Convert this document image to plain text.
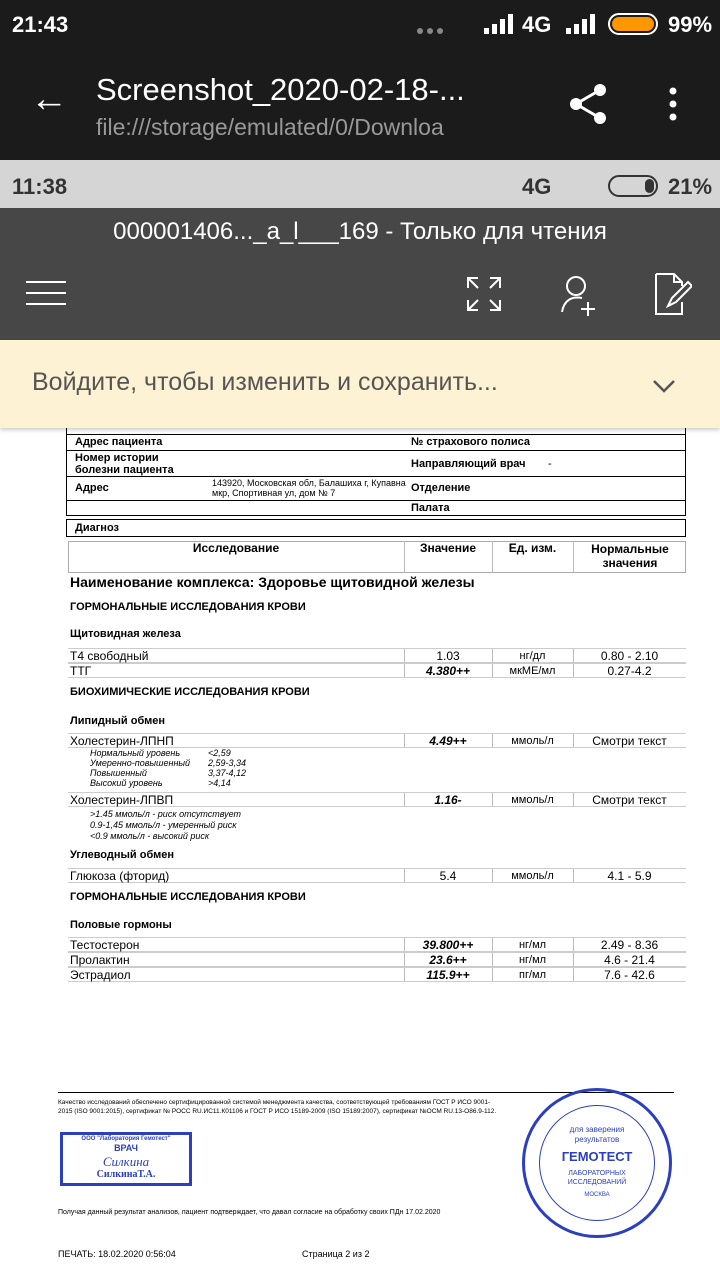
21:43	4G	99%
← Screenshot_2020-02-18-...
file:///storage/emulated/0/Downloa
11:38	4G	21%
000001406..._a_l___169 - Только для чтения
Войдите, чтобы изменить и сохранить...
Адрес пациента	№ страхового полиса
Номер истории болезни пациента	Направляющий врач -
Адрес	143920, Московская обл, Балашиха г, Купавна мкр, Спортивная ул, дом № 7	Отделение
Палата
Диагноз
Исследование	Значение	Ед. изм.	Нормальные значения
Наименование комплекса: Здоровье щитовидной железы
ГОРМОНАЛЬНЫЕ ИССЛЕДОВАНИЯ КРОВИ
Щитовидная железа
БИОХИМИЧЕСКИЕ ИССЛЕДОВАНИЯ КРОВИ
Липидный обмен
Углеводный обмен
ГОРМОНАЛЬНЫЕ ИССЛЕДОВАНИЯ КРОВИ
Половые гормоны
Т4 свободный	1.03	нг/дл	0.80 - 2.10
ТТГ	4.380++	мкМЕ/мл	0.27-4.2
Холестерин-ЛПНП	4.49++	ммоль/л	Смотри текст
Холестерин-ЛПВП	1.16-	ммоль/л	Смотри текст
Глюкоза (фторид)	5.4	ммоль/л	4.1 - 5.9
Тестостерон	39.800++	нг/мл	2.49 - 8.36
Пролактин	23.6++	нг/мл	4.6 - 21.4
Эстрадиол	115.9++	пг/мл	7.6 - 42.6
Нормальный уровень	<2,59
Умеренно-повышенный 2,59-3,34
Повышенный	3,37-4,12
Высокий уровень	>4,14
>1.45 ммоль/л - риск отсутствует
0.9-1,45 ммоль/л - умеренный риск
<0.9 ммоль/л - высокий риск
Качество исследований обеспечено сертифицированной системой менеджмента качества, соответствующей требованиям ГОСТ Р ИСО 9001-2015 (ISO 9001:2015), сертификат № РОСС RU.ИС11.К01106 и ГОСТ Р ИСО 15189-2009 (ISO 15189:2007), сертификат №ОСМ RU.13-О86.9-112.
ООО "Лаборатория Гемотест"
ВРАЧ
Силкина
СилкинаТ.А.
Получая данный результат анализов, пациент подтверждает, что давал согласие на обработку своих ПДн 17.02.2020
для заверения
результатов
ГЕМОТЕСТ
ЛАБОРАТОРНЫХ
ИССЛЕДОВАНИЙ
МОСКВА
ПЕЧАТЬ: 18.02.2020 0:56:04	Страница 2 из 2
